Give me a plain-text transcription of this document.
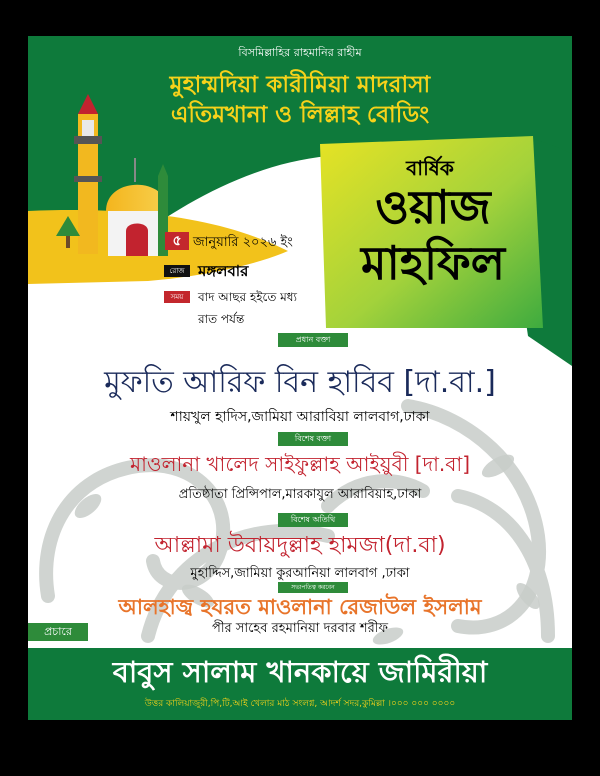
বিসমিল্লাহির রাহমানির রাহীম
মুহাম্মদিয়া কারীমিয়া মাদরাসা
এতিমখানা ও লিল্লাহ বোডিং
বার্ষিক
ওয়াজ
মাহফিল
৫ জানুয়ারি ২০২৬ ইং
রোজ মঙ্গলবার
সময়	বাদ আছর হইতে মধ্য
রাত পর্যন্ত
প্রধান বক্তা
মুফতি আরিফ বিন হাবিব [দা.বা.]
শায়খুল হাদিস,জামিয়া আরাবিয়া লালবাগ,ঢাকা
বিশেষ বক্তা
মাওলানা খালেদ সাইফুল্লাহ আইয়ুবী [দা.বা]
প্রতিষ্ঠাতা প্রিন্সিপাল,মারকাযুল আরাবিয়াহ,ঢাকা
বিশেষ অতিথি
আল্লামা উবায়দুল্লাহ হামজা(দা.বা)
মুহাদ্দিস,জামিয়া কুরআনিয়া লালবাগ ,ঢাকা
সভাপতিত্ব করবেন
আলহাজ্ব হযরত মাওলানা রেজাউল ইসলাম
পীর সাহেব রহমানিয়া দরবার শরীফ
প্রচারে
বাবুস সালাম খানকায়ে জামিরীয়া
উত্তর কালিয়াজুরী,পি,টি,আই খেলার মাঠ সংলগ্ন, আদর্শ সদর,কুমিল্লা ।০০০ ০০০ ০০০০
